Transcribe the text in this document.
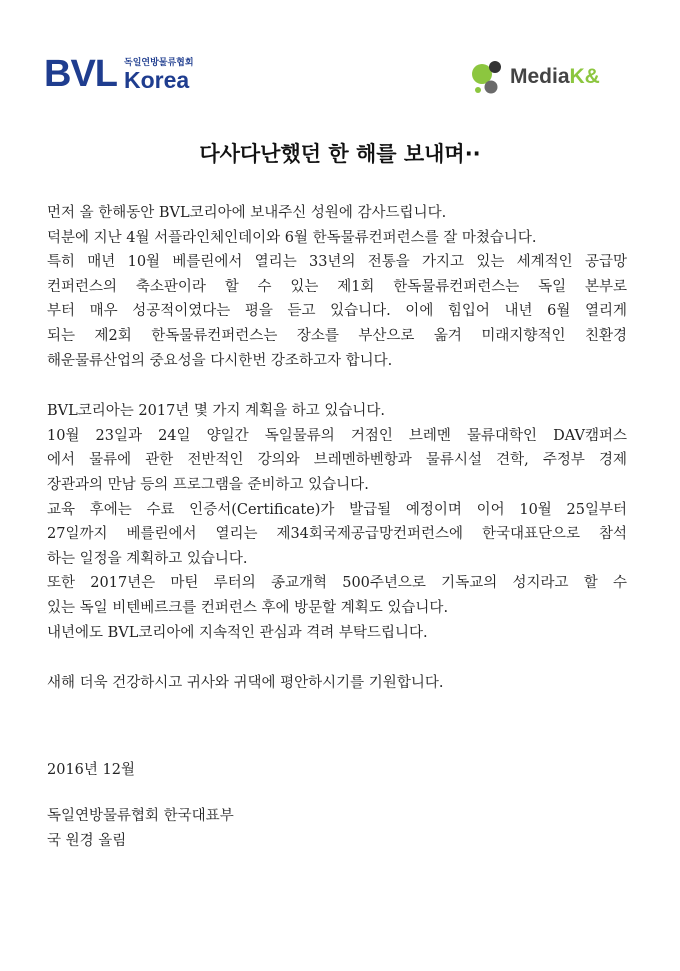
BVL 독일연방물류협회
Korea	MediaK&
다사다난했던 한 해를 보내며··
먼저 올 한해동안 BVL코리아에 보내주신 성원에 감사드립니다.
덕분에 지난 4월 서플라인체인데이와 6월 한독물류컨퍼런스를 잘 마쳤습니다.
특히 매년 10월 베를린에서 열리는 33년의 전통을 가지고 있는 세계적인 공급망
컨퍼런스의 축소판이라 할 수 있는 제1회 한독물류컨퍼런스는 독일 본부로
부터 매우 성공적이였다는 평을 듣고 있습니다. 이에 힘입어 내년 6월 열리게
되는 제2회 한독물류컨퍼런스는 장소를 부산으로 옮겨 미래지향적인 친환경
해운물류산업의 중요성을 다시한번 강조하고자 합니다.
BVL코리아는 2017년 몇 가지 계획을 하고 있습니다.
10월 23일과 24일 양일간 독일물류의 거점인 브레멘 물류대학인 DAV캠퍼스
에서 물류에 관한 전반적인 강의와 브레멘하벤항과 물류시설 견학, 주정부 경제
장관과의 만남 등의 프로그램을 준비하고 있습니다.
교육 후에는 수료 인증서(Certificate)가 발급될 예정이며 이어 10월 25일부터
27일까지 베를린에서 열리는 제34회국제공급망컨퍼런스에 한국대표단으로 참석
하는 일정을 계획하고 있습니다.
또한 2017년은 마틴 루터의 종교개혁 500주년으로 기독교의 성지라고 할 수
있는 독일 비텐베르크를 컨퍼런스 후에 방문할 계획도 있습니다.
내년에도 BVL코리아에 지속적인 관심과 격려 부탁드립니다.
새해 더욱 건강하시고 귀사와 귀댁에 평안하시기를 기원합니다.
2016년 12월
독일연방물류협회 한국대표부
국 원경 올림
